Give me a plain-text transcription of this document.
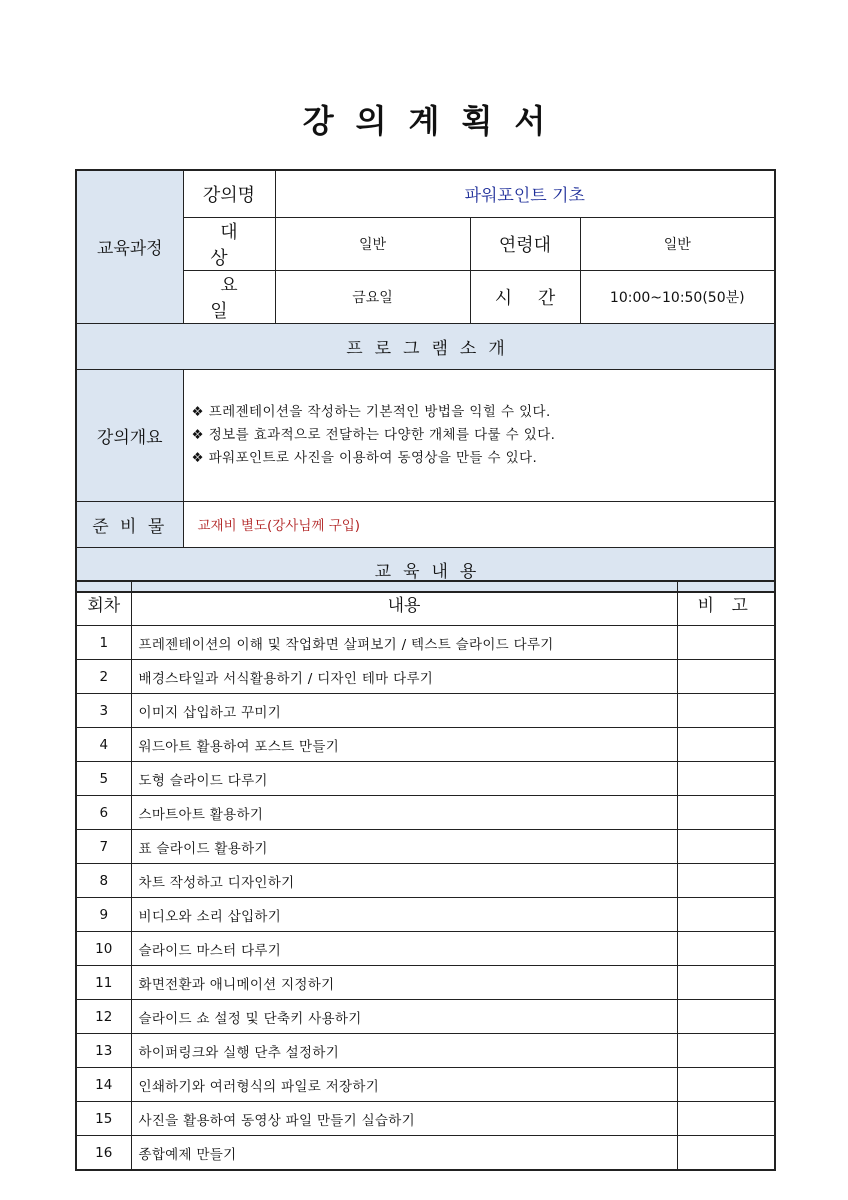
강의계획서
교육과정	강의명	파워포인트 기초		
	대 상	일반	연령대	일반
	요 일	금요일	시 간	10:00~10:50(50분)
프로그램소개				
강의개요	❖ 프레젠테이션을 작성하는 기본적인 방법을 익힐 수 있다.
❖ 정보를 효과적으로 전달하는 다양한 개체를 다룰 수 있다.
❖ 파워포인트로 사진을 이용하여 동영상을 만들 수 있다.			

준 비 물	교재비 별도(강사님께 구입)			
교육내용				
회차	내용	비 고
1	프레젠테이션의 이해 및 작업화면 살펴보기 / 텍스트 슬라이드 다루기	
2	배경스타일과 서식활용하기 / 디자인 테마 다루기	
3	이미지 삽입하고 꾸미기	
4	워드아트 활용하여 포스트 만들기	
5	도형 슬라이드 다루기	
6	스마트아트 활용하기	
7	표 슬라이드 활용하기	
8	차트 작성하고 디자인하기	
9	비디오와 소리 삽입하기	
10	슬라이드 마스터 다루기	
11	화면전환과 애니메이션 지정하기	
12	슬라이드 쇼 설정 및 단축키 사용하기	
13	하이퍼링크와 실행 단추 설정하기	
14	인쇄하기와 여러형식의 파일로 저장하기	
15	사진을 활용하여 동영상 파일 만들기 실습하기	
16	종합예제 만들기	
